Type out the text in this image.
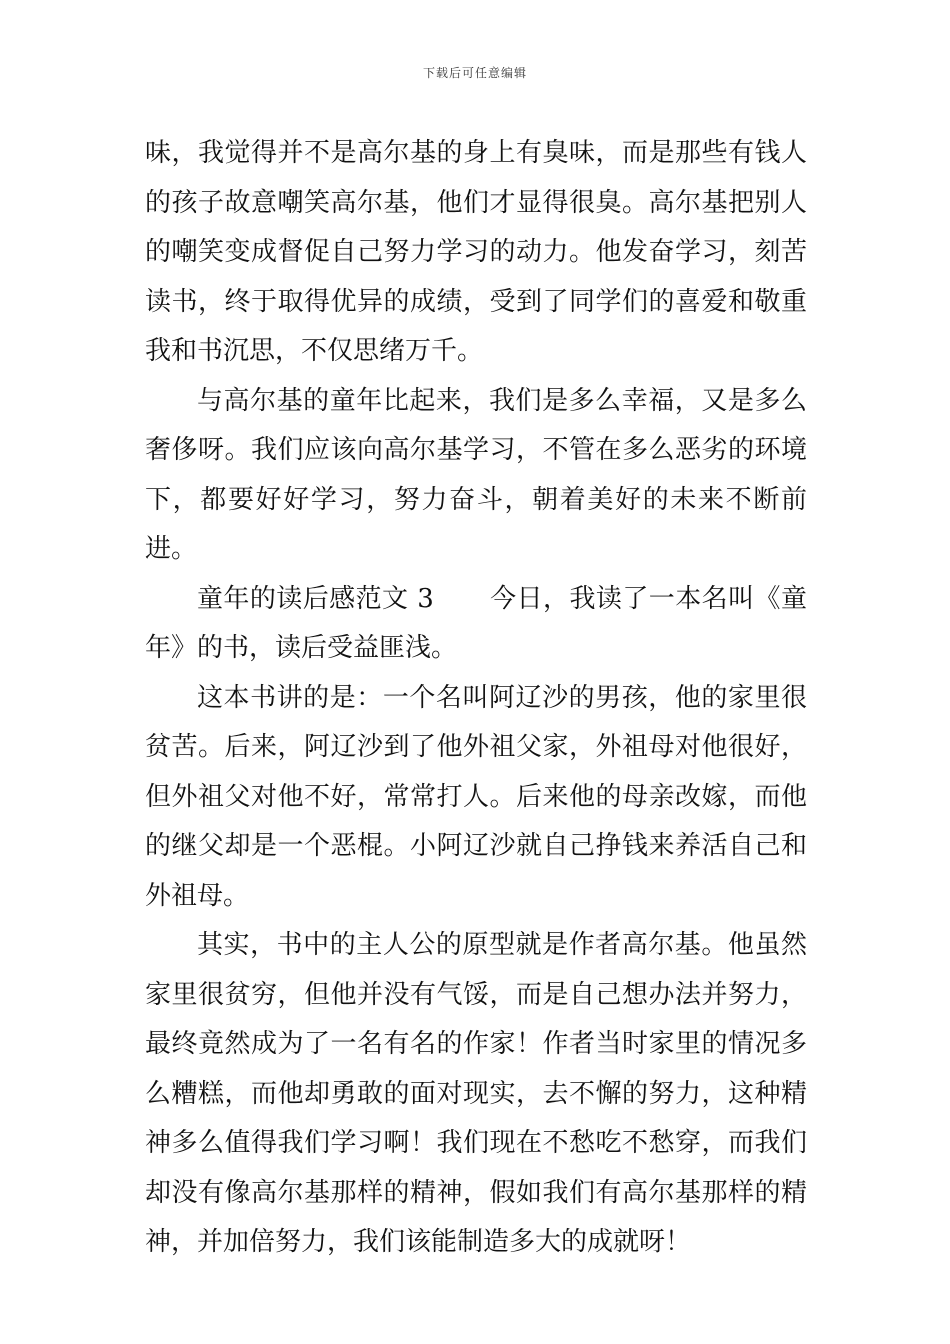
下载后可任意编辑

味，我觉得并不是高尔基的身上有臭味，而是那些有钱人的孩子故意嘲笑高尔基，他们才显得很臭。高尔基把别人的嘲笑变成督促自己努力学习的动力。他发奋学习，刻苦读书，终于取得优异的成绩，受到了同学们的喜爱和敬重我和书沉思，不仅思绪万千。

与高尔基的童年比起来，我们是多么幸福，又是多么奢侈呀。我们应该向高尔基学习，不管在多么恶劣的环境下，都要好好学习，努力奋斗，朝着美好的未来不断前进。

童年的读后感范文 3 今日，我读了一本名叫《童年》的书，读后受益匪浅。

这本书讲的是：一个名叫阿辽沙的男孩，他的家里很贫苦。后来，阿辽沙到了他外祖父家，外祖母对他很好，但外祖父对他不好，常常打人。后来他的母亲改嫁，而他的继父却是一个恶棍。小阿辽沙就自己挣钱来养活自己和外祖母。

其实，书中的主人公的原型就是作者高尔基。他虽然家里很贫穷，但他并没有气馁，而是自己想办法并努力，最终竟然成为了一名有名的作家！作者当时家里的情况多么糟糕，而他却勇敢的面对现实，去不懈的努力，这种精神多么值得我们学习啊！我们现在不愁吃不愁穿，而我们却没有像高尔基那样的精神，假如我们有高尔基那样的精神，并加倍努力，我们该能制造多大的成就呀！
